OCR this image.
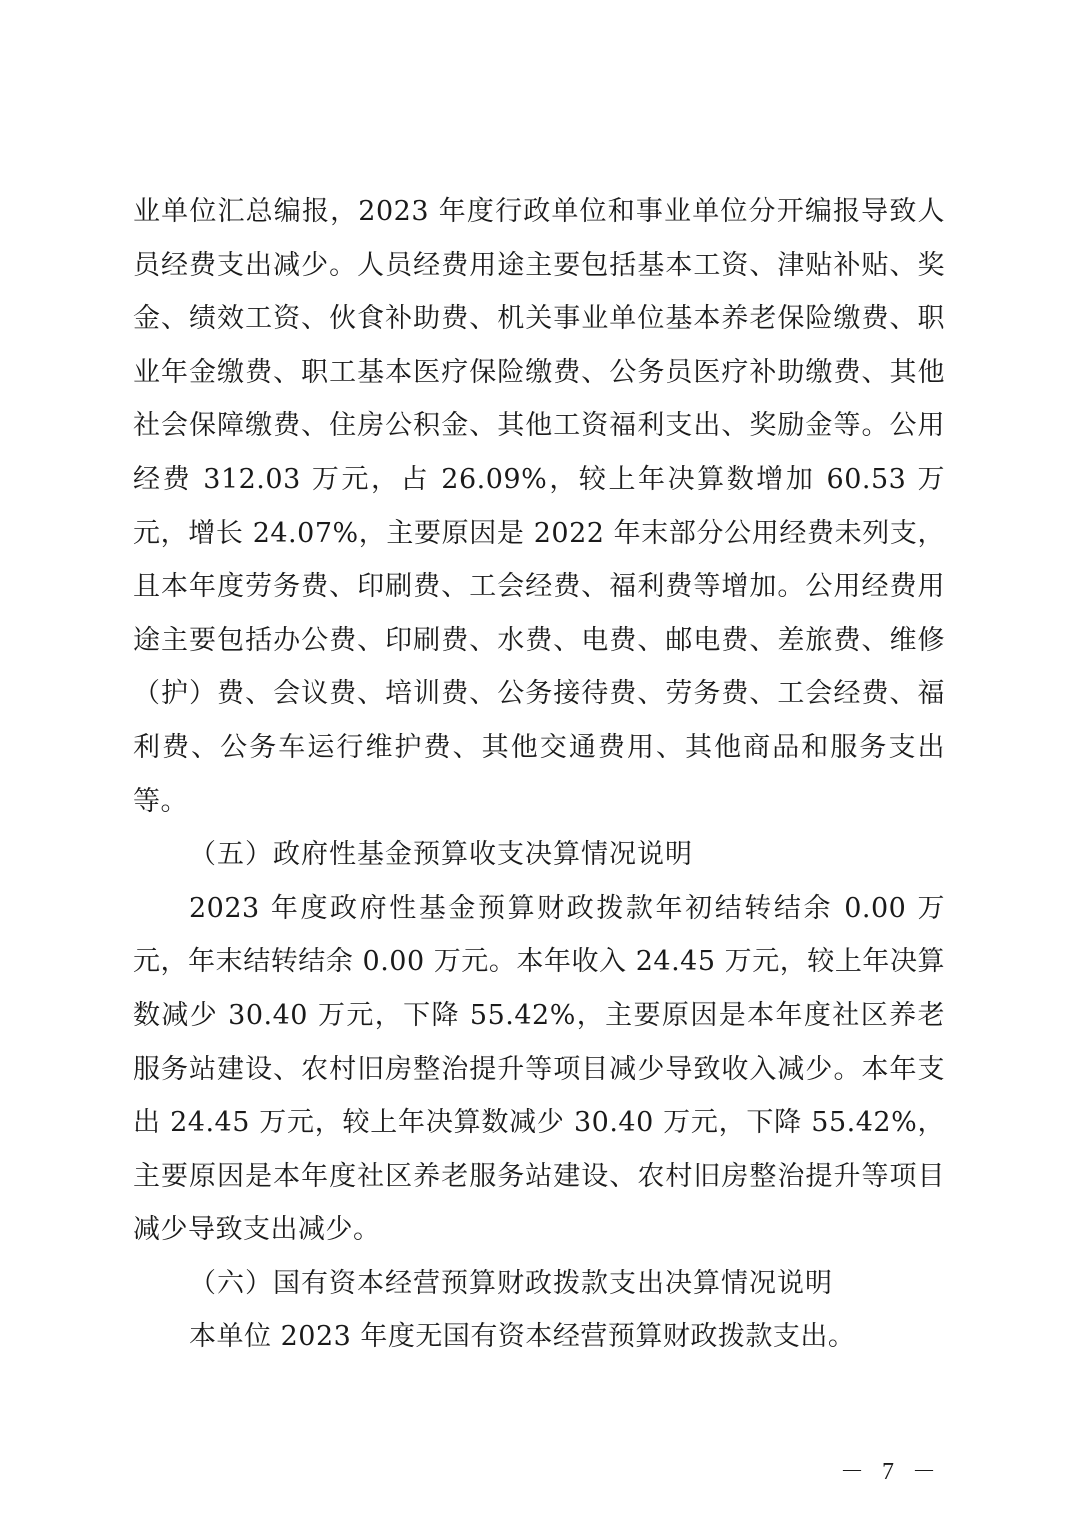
业单位汇总编报，2023 年度行政单位和事业单位分开编报导致人员经费支出减少。人员经费用途主要包括基本工资、津贴补贴、奖金、绩效工资、伙食补助费、机关事业单位基本养老保险缴费、职业年金缴费、职工基本医疗保险缴费、公务员医疗补助缴费、其他社会保障缴费、住房公积金、其他工资福利支出、奖励金等。公用经费 312.03 万元，占 26.09%，较上年决算数增加 60.53 万元，增长 24.07%，主要原因是 2022 年末部分公用经费未列支，且本年度劳务费、印刷费、工会经费、福利费等增加。公用经费用途主要包括办公费、印刷费、水费、电费、邮电费、差旅费、维修（护）费、会议费、培训费、公务接待费、劳务费、工会经费、福利费、公务车运行维护费、其他交通费用、其他商品和服务支出等。

（五）政府性基金预算收支决算情况说明

2023 年度政府性基金预算财政拨款年初结转结余 0.00 万元，年末结转结余 0.00 万元。本年收入 24.45 万元，较上年决算数减少 30.40 万元，下降 55.42%，主要原因是本年度社区养老服务站建设、农村旧房整治提升等项目减少导致收入减少。本年支出 24.45 万元，较上年决算数减少 30.40 万元，下降 55.42%，主要原因是本年度社区养老服务站建设、农村旧房整治提升等项目减少导致支出减少。

（六）国有资本经营预算财政拨款支出决算情况说明

本单位 2023 年度无国有资本经营预算财政拨款支出。

－ 7 －
